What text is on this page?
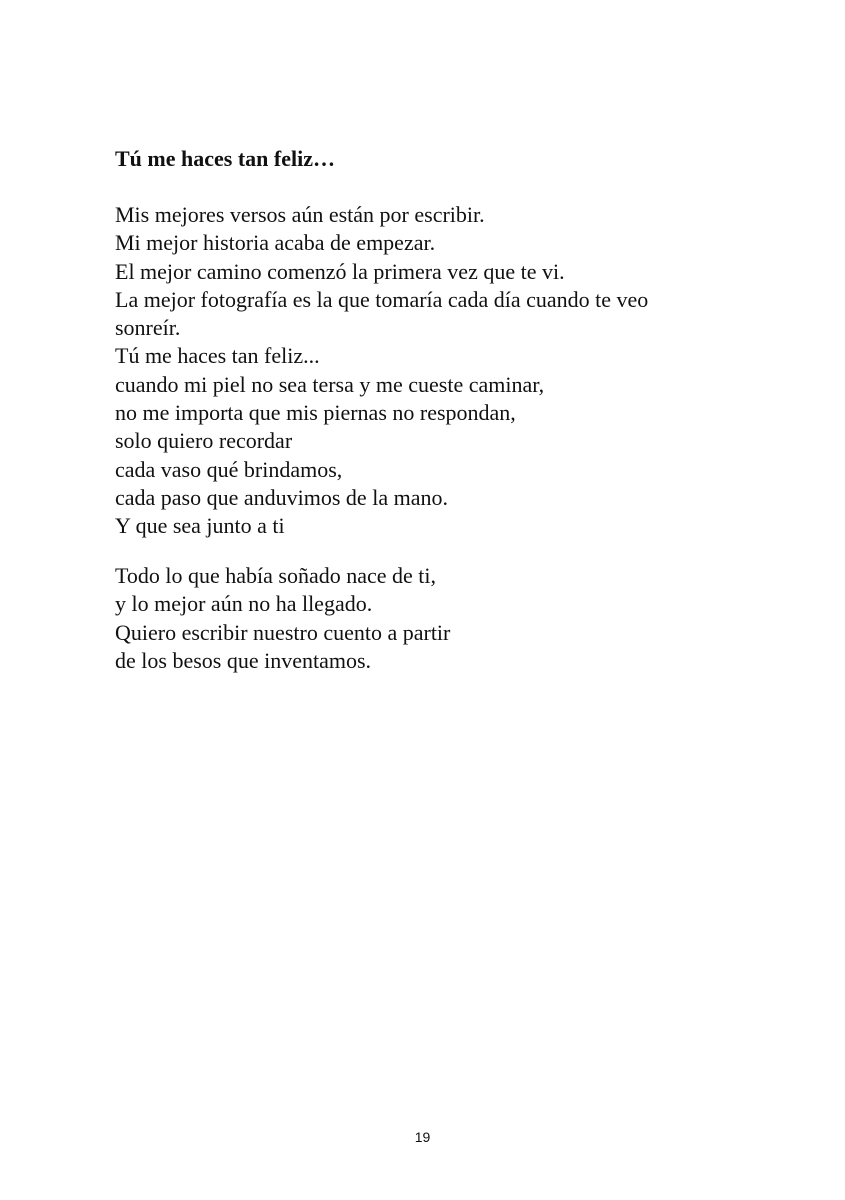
Tú me haces tan feliz…
Mis mejores versos aún están por escribir.
Mi mejor historia acaba de empezar.
El mejor camino comenzó la primera vez que te vi.
La mejor fotografía es la que tomaría cada día cuando te veo
sonreír.
Tú me haces tan feliz...
cuando mi piel no sea tersa y me cueste caminar,
no me importa que mis piernas no respondan,
solo quiero recordar
cada vaso qué brindamos,
cada paso que anduvimos de la mano.
Y que sea junto a ti
Todo lo que había soñado nace de ti,
y lo mejor aún no ha llegado.
Quiero escribir nuestro cuento a partir
de los besos que inventamos.
19
